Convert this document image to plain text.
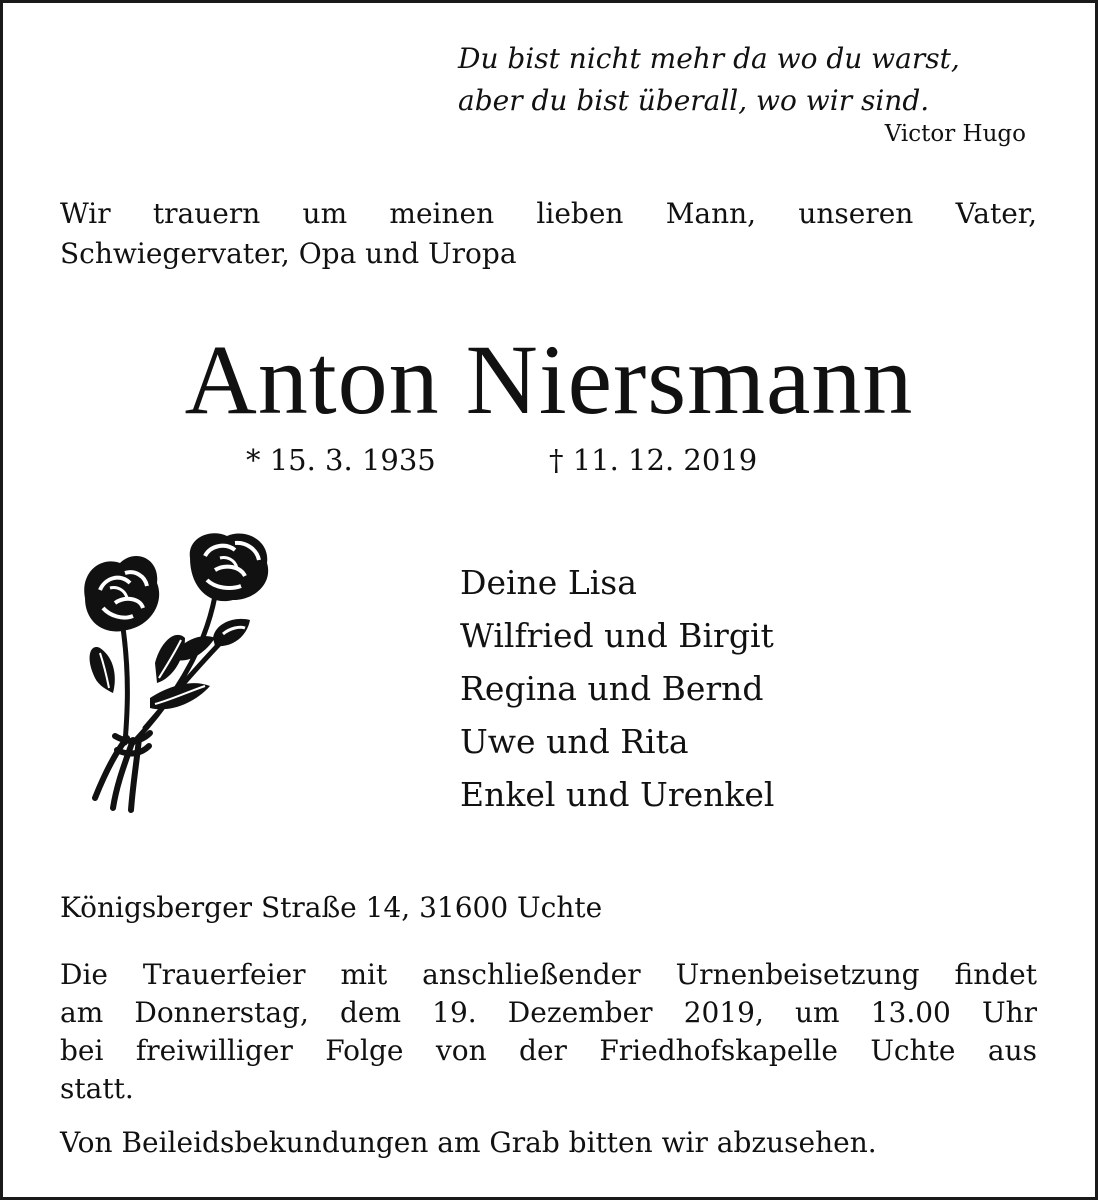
Du bist nicht mehr da wo du warst,
aber du bist überall, wo wir sind.
Victor Hugo
Wir trauern um meinen lieben Mann, unseren Vater,
Schwiegervater, Opa und Uropa
Anton Niersmann
* 15. 3. 1935	† 11. 12. 2019
Deine Lisa
Wilfried und Birgit
Regina und Bernd
Uwe und Rita
Enkel und Urenkel
Königsberger Straße 14, 31600 Uchte
Die Trauerfeier mit anschließender Urnenbeisetzung findet
am Donnerstag, dem 19. Dezember 2019, um 13.00 Uhr
bei freiwilliger Folge von der Friedhofskapelle Uchte aus
statt.
Von Beileidsbekundungen am Grab bitten wir abzusehen.
